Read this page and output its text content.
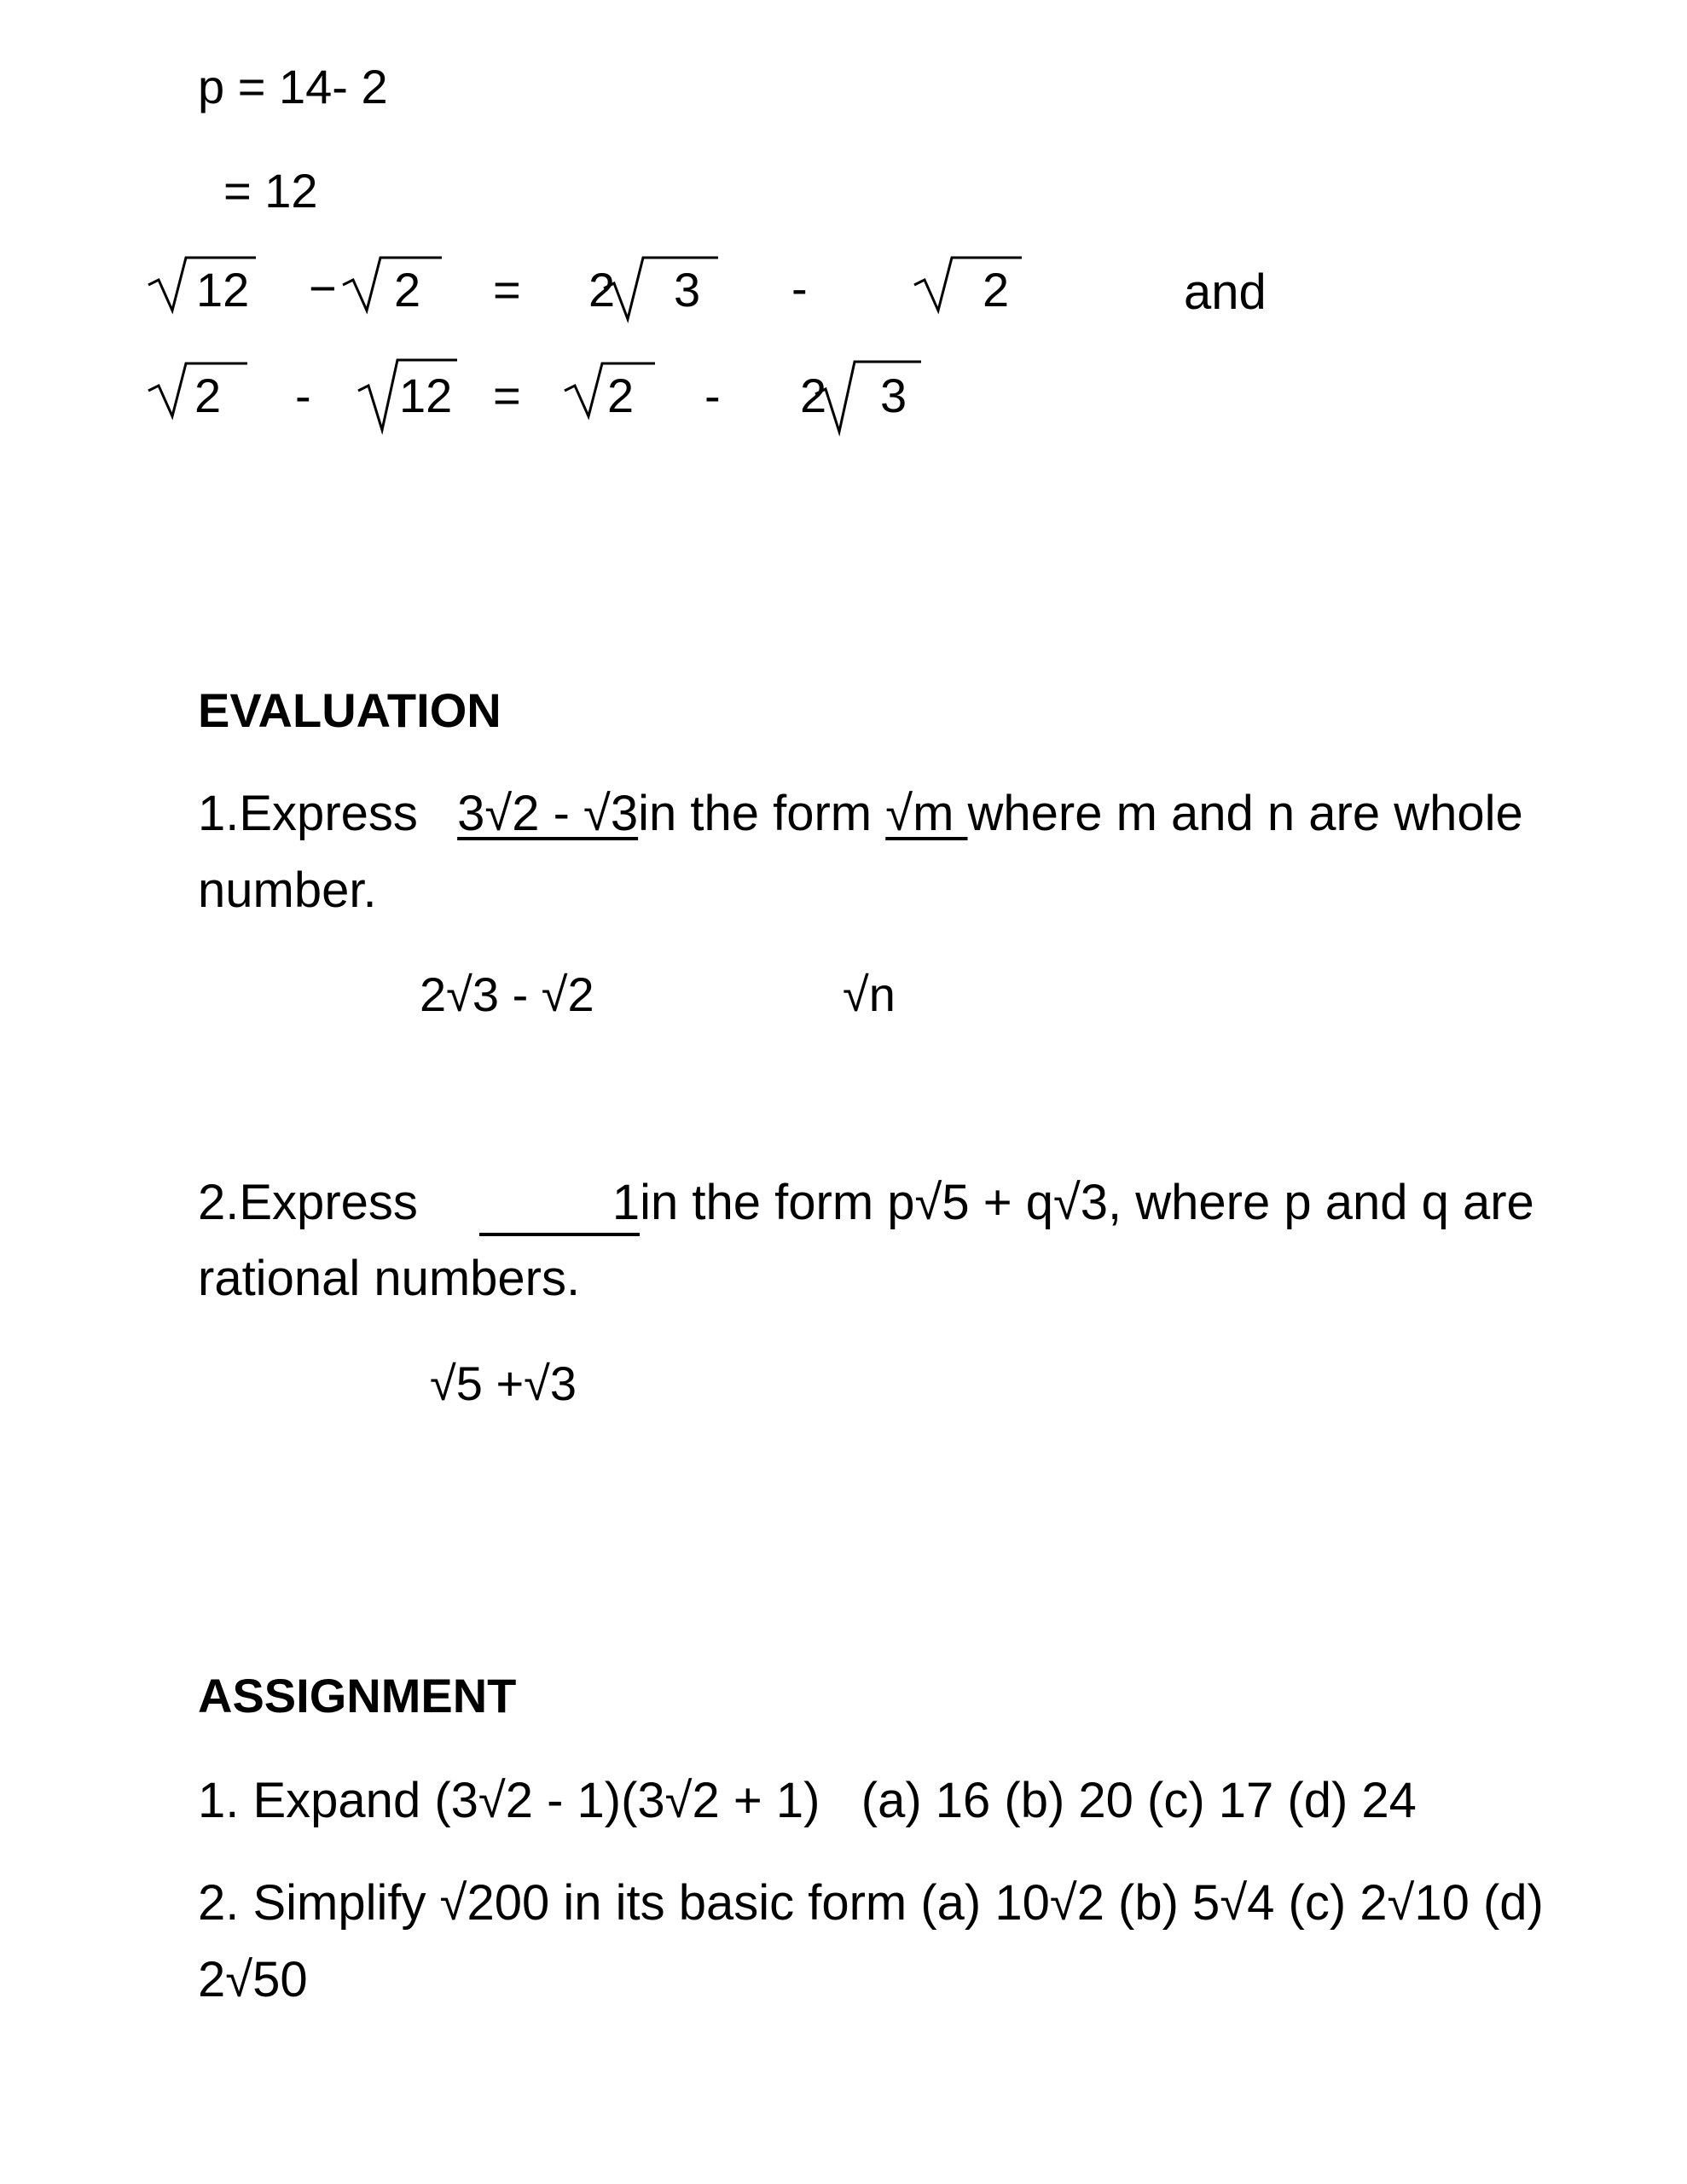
p = 14- 2
= 12
12 − 2 = 2 3 -	2	and
2 - 12 = 2 - 2 3
EVALUATION
1.Express 3√2 - √3in the form √m where m and n are whole
number.
2√3 - √2	√n
2.Express	1
in the form p√5 + q√3, where p and q are
rational numbers.
√5 +√3
ASSIGNMENT
1. Expand (3√2 - 1)(3√2 + 1)   (a) 16 (b) 20 (c) 17 (d) 24
2. Simplify √200 in its basic form (a) 10√2 (b) 5√4 (c) 2√10 (d)
2√50
